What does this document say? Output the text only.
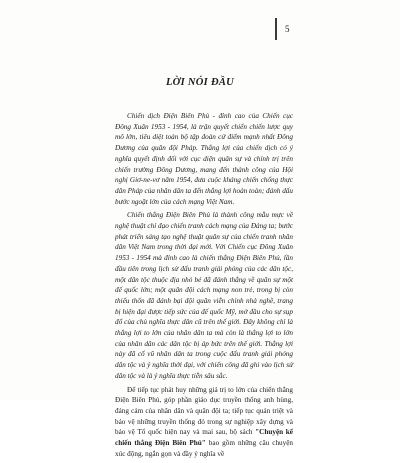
5
LỜI NÓI ĐẦU

Chiến dịch Điện Biên Phủ - đỉnh cao của Chiến cục Đông Xuân 1953 - 1954, là trận quyết chiến chiến lược quy mô lớn, tiêu diệt toàn bộ tập đoàn cứ điểm mạnh nhất Đông Dương của quân đội Pháp. Thắng lợi của chiến dịch có ý nghĩa quyết định đối với cục diện quân sự và chính trị trên chiến trường Đông Dương, mang đến thành công của Hội nghị Giơ-ne-vơ năm 1954, đưa cuộc kháng chiến chống thực dân Pháp của nhân dân ta đến thắng lợi hoàn toàn; đánh dấu bước ngoặt lớn của cách mạng Việt Nam.

Chiến thắng Điện Biên Phủ là thành công mẫu mực về nghệ thuật chỉ đạo chiến tranh cách mạng của Đảng ta; bước phát triển sáng tạo nghệ thuật quân sự của chiến tranh nhân dân Việt Nam trong thời đại mới. Với Chiến cục Đông Xuân 1953 - 1954 mà đỉnh cao là chiến thắng Điện Biên Phủ, lần đầu tiên trong lịch sử đấu tranh giải phóng của các dân tộc, một dân tộc thuộc địa nhỏ bé đã đánh thắng về quân sự một đế quốc lớn; một quân đội cách mạng non trẻ, trong bị còn thiếu thốn đã đánh bại đội quân viễn chinh nhà nghề, trang bị hiện đại được tiếp sức của đế quốc Mỹ, mở đầu cho sự sụp đổ của chủ nghĩa thực dân cũ trên thế giới. Đây không chỉ là thắng lợi to lớn của nhân dân ta mà còn là thắng lợi to lớn của nhân dân các dân tộc bị áp bức trên thế giới. Thắng lợi này đã cổ vũ nhân dân ta trong cuộc đấu tranh giải phóng dân tộc và ý nghĩa thời đại, với chiến công đã ghi vào lịch sử dân tộc và là ý nghĩa thực tiễn sâu sắc.

Để tiếp tục phát huy những giá trị to lớn của chiến thắng Điện Biên Phủ, góp phần giáo dục truyền thống anh hùng, đáng cảm của nhân dân và quân đội ta; tiếp tục quán triệt và bảo vệ những truyền thống đó trong sự nghiệp xây dựng và bảo vệ Tổ quốc hiện nay và mai sau, bộ sách "Chuyện kể chiến thắng Điện Biên Phủ" bao gồm những câu chuyện xúc động, ngắn gọn và đầy ý nghĩa về
